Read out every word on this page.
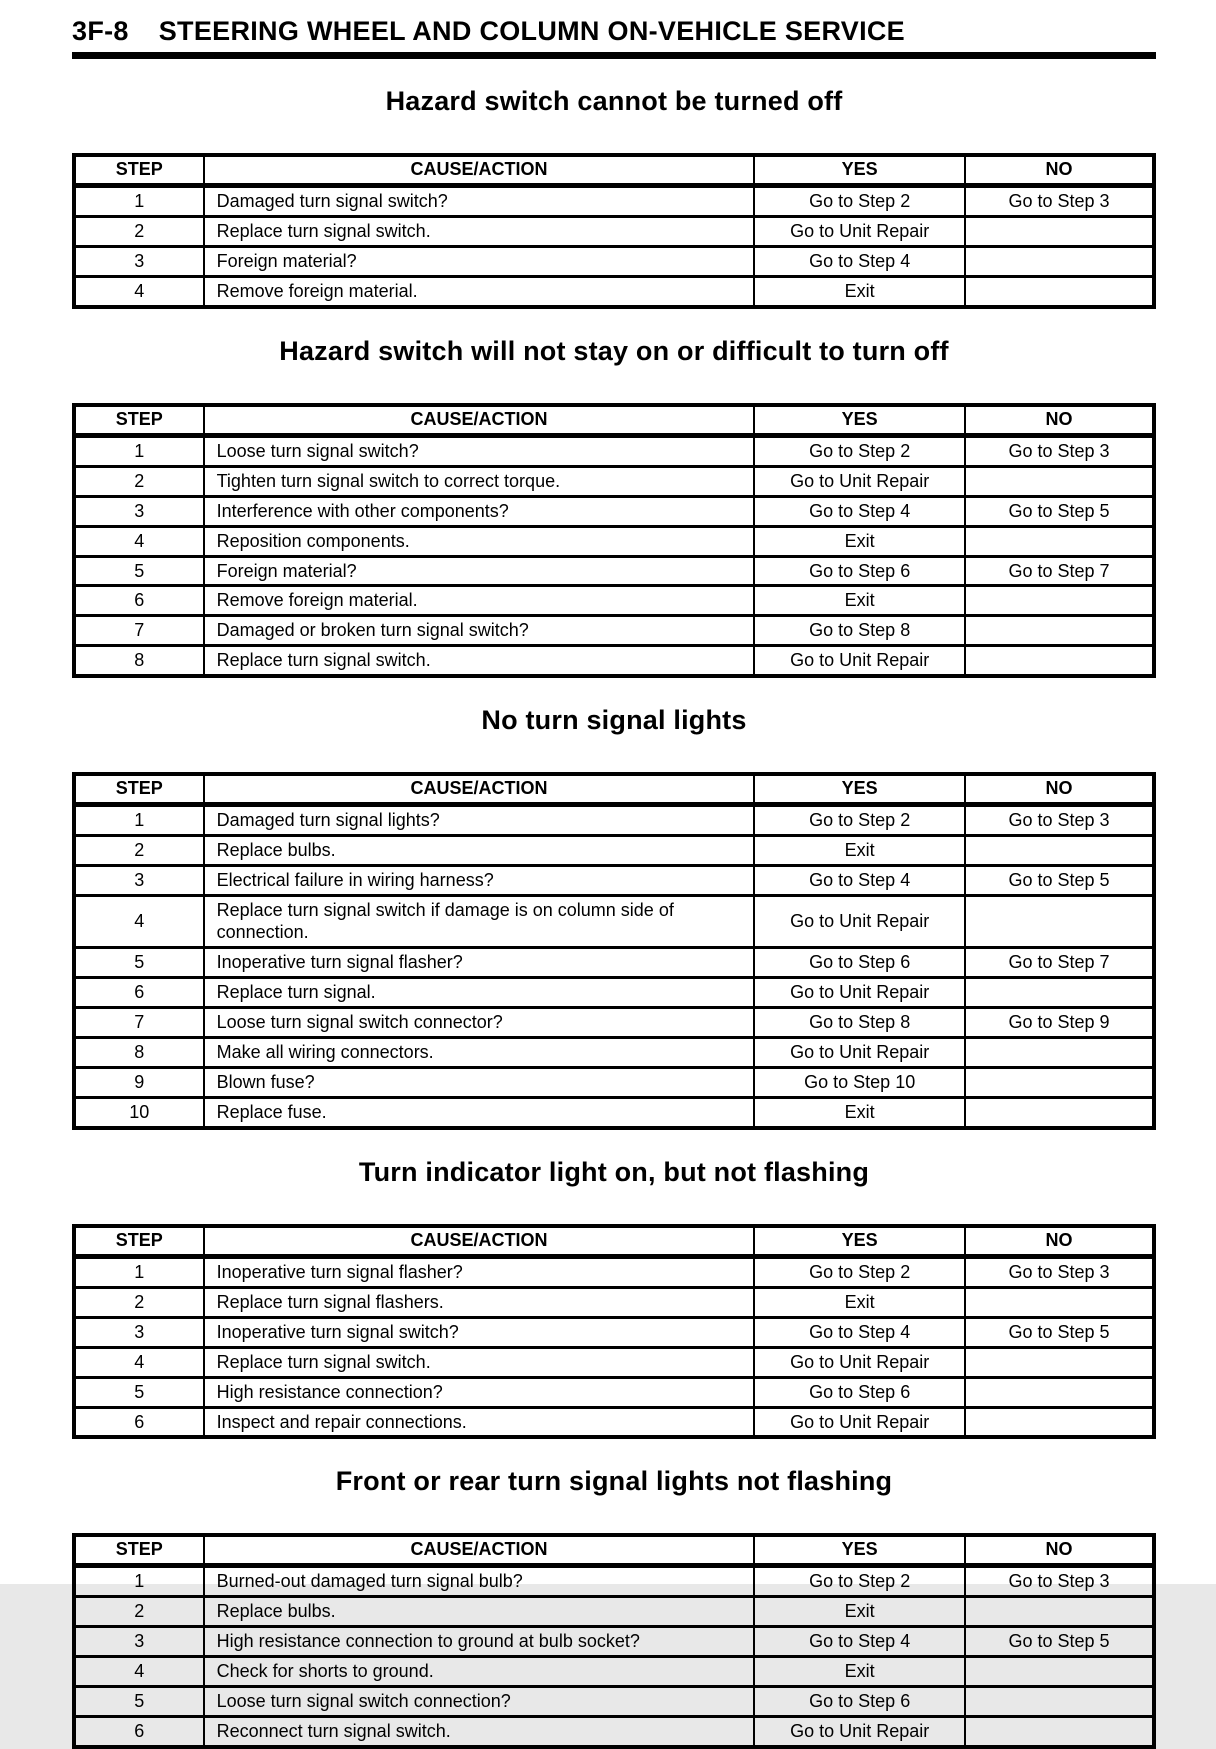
3F-8 STEERING WHEEL AND COLUMN ON-VEHICLE SERVICE
Hazard switch cannot be turned off
STEP	CAUSE/ACTION	YES	NO
1	Damaged turn signal switch?	Go to Step 2	Go to Step 3
2	Replace turn signal switch.	Go to Unit Repair	
3	Foreign material?	Go to Step 4	
4	Remove foreign material.	Exit	
Hazard switch will not stay on or difficult to turn off
STEP	CAUSE/ACTION	YES	NO
1	Loose turn signal switch?	Go to Step 2	Go to Step 3
2	Tighten turn signal switch to correct torque.	Go to Unit Repair	
3	Interference with other components?	Go to Step 4	Go to Step 5
4	Reposition components.	Exit	
5	Foreign material?	Go to Step 6	Go to Step 7
6	Remove foreign material.	Exit	
7	Damaged or broken turn signal switch?	Go to Step 8	
8	Replace turn signal switch.	Go to Unit Repair	
No turn signal lights
STEP	CAUSE/ACTION	YES	NO
1	Damaged turn signal lights?	Go to Step 2	Go to Step 3
2	Replace bulbs.	Exit	
3	Electrical failure in wiring harness?	Go to Step 4	Go to Step 5
4	Replace turn signal switch if damage is on column side of connection.	Go to Unit Repair	
5	Inoperative turn signal flasher?	Go to Step 6	Go to Step 7
6	Replace turn signal.	Go to Unit Repair	
7	Loose turn signal switch connector?	Go to Step 8	Go to Step 9
8	Make all wiring connectors.	Go to Unit Repair	
9	Blown fuse?	Go to Step 10	
10	Replace fuse.	Exit	
Turn indicator light on, but not flashing
STEP	CAUSE/ACTION	YES	NO
1	Inoperative turn signal flasher?	Go to Step 2	Go to Step 3
2	Replace turn signal flashers.	Exit	
3	Inoperative turn signal switch?	Go to Step 4	Go to Step 5
4	Replace turn signal switch.	Go to Unit Repair	
5	High resistance connection?	Go to Step 6	
6	Inspect and repair connections.	Go to Unit Repair	
Front or rear turn signal lights not flashing
STEP	CAUSE/ACTION	YES	NO
1	Burned-out damaged turn signal bulb?	Go to Step 2	Go to Step 3
2	Replace bulbs.	Exit	
3	High resistance connection to ground at bulb socket?	Go to Step 4	Go to Step 5
4	Check for shorts to ground.	Exit	
5	Loose turn signal switch connection?	Go to Step 6	
6	Reconnect turn signal switch.	Go to Unit Repair	
